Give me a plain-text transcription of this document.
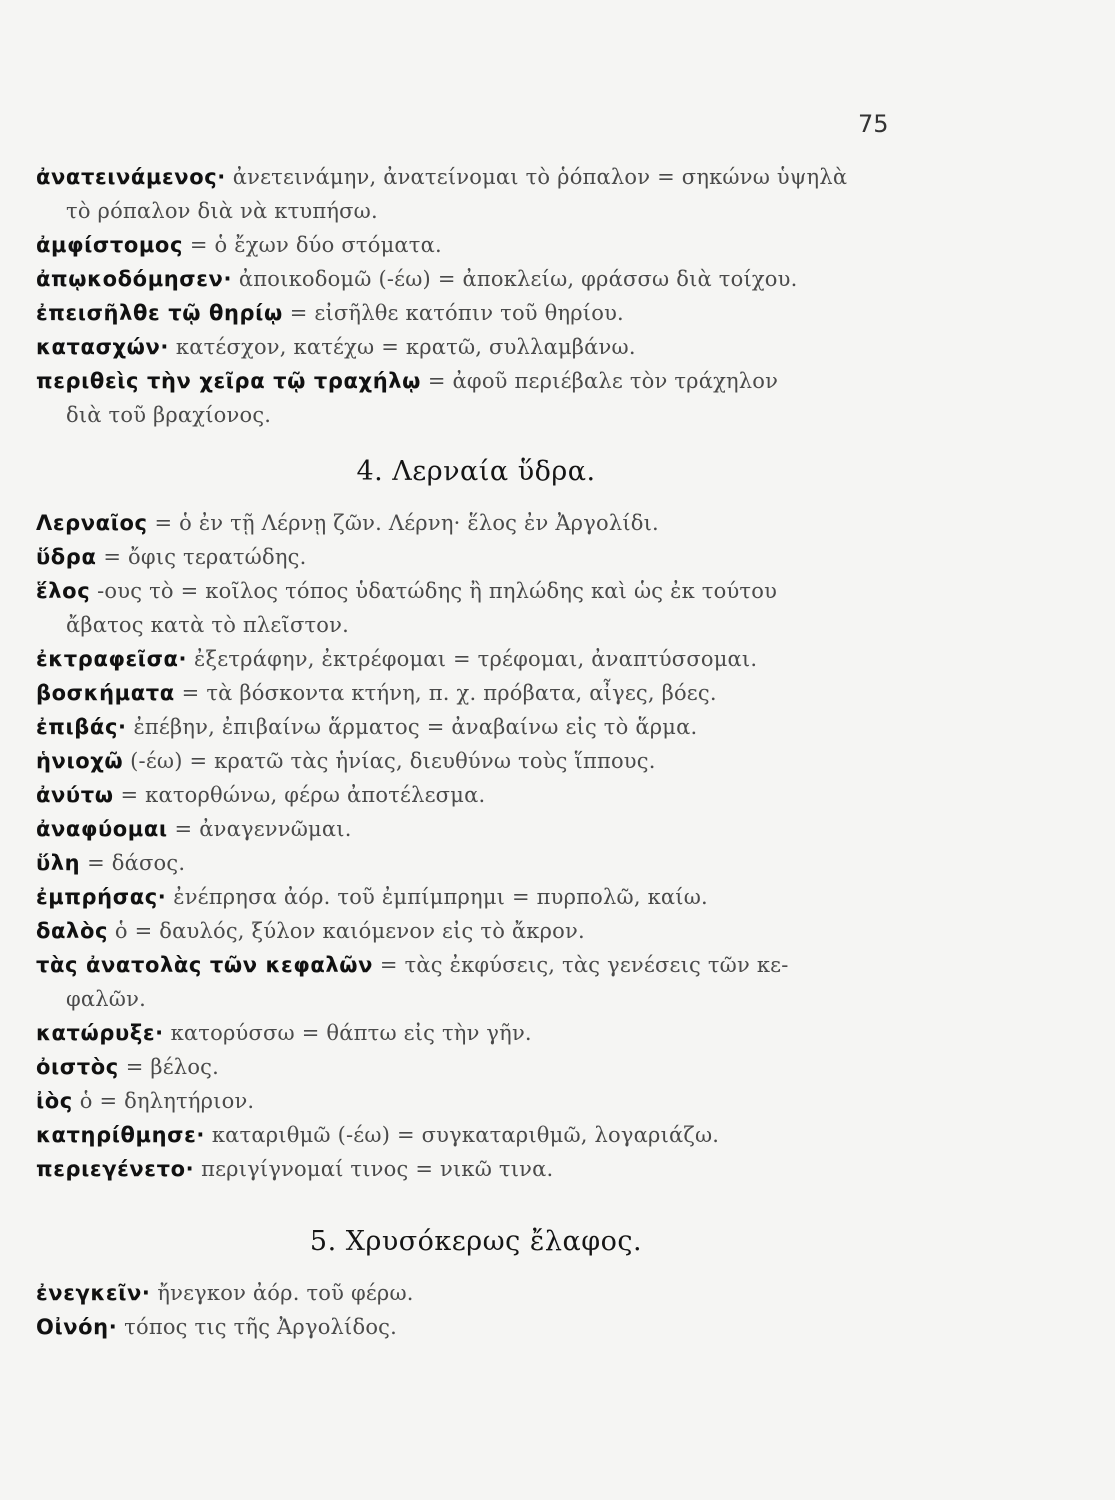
75
ἀνατεινάμενος· ἀνετεινάμην, ἀνατείνομαι τὸ ῥόπαλον = σηκώνω ὑψηλὰ
τὸ ρόπαλον διὰ νὰ κτυπήσω.
ἀμφίστομος = ὁ ἔχων δύο στόματα.
ἀπῳκοδόμησεν· ἀποικοδομῶ (-έω) = ἀποκλείω, φράσσω διὰ τοίχου.
ἐπεισῆλθε τῷ θηρίῳ = εἰσῆλθε κατόπιν τοῦ θηρίου.
κατασχών· κατέσχον, κατέχω = κρατῶ, συλλαμβάνω.
περιθεὶς τὴν χεῖρα τῷ τραχήλῳ = ἀφοῦ περιέβαλε τὸν τράχηλον
διὰ τοῦ βραχίονος.
4. Λερναία ὕδρα.
Λερναῖος = ὁ ἐν τῇ Λέρνῃ ζῶν. Λέρνη· ἕλος ἐν Ἀργολίδι.
ὕδρα = ὄφις τερατώδης.
ἕλος -ους τὸ = κοῖλος τόπος ὑδατώδης ἢ πηλώδης καὶ ὡς ἐκ τούτου
ἄβατος κατὰ τὸ πλεῖστον.
ἐκτραφεῖσα· ἐξετράφην, ἐκτρέφομαι = τρέφομαι, ἀναπτύσσομαι.
βοσκήματα = τὰ βόσκοντα κτήνη, π. χ. πρόβατα, αἶγες, βόες.
ἐπιβάς· ἐπέβην, ἐπιβαίνω ἅρματος = ἀναβαίνω εἰς τὸ ἅρμα.
ἡνιοχῶ (-έω) = κρατῶ τὰς ἡνίας, διευθύνω τοὺς ἵππους.
ἀνύτω = κατορθώνω, φέρω ἀποτέλεσμα.
ἀναφύομαι = ἀναγεννῶμαι.
ὕλη = δάσος.
ἐμπρήσας· ἐνέπρησα ἀόρ. τοῦ ἐμπίμπρημι = πυρπολῶ, καίω.
δαλὸς ὁ = δαυλός, ξύλον καιόμενον εἰς τὸ ἄκρον.
τὰς ἀνατολὰς τῶν κεφαλῶν = τὰς ἐκφύσεις, τὰς γενέσεις τῶν κε-
φαλῶν.
κατώρυξε· κατορύσσω = θάπτω εἰς τὴν γῆν.
ὀιστὸς = βέλος.
ἰὸς ὁ = δηλητήριον.
κατηρίθμησε· καταριθμῶ (-έω) = συγκαταριθμῶ, λογαριάζω.
περιεγένετο· περιγίγνομαί τινος = νικῶ τινα.
5. Χρυσόκερως ἔλαφος.
ἐνεγκεῖν· ἤνεγκον ἀόρ. τοῦ φέρω.
Οἰνόη· τόπος τις τῆς Ἀργολίδος.
